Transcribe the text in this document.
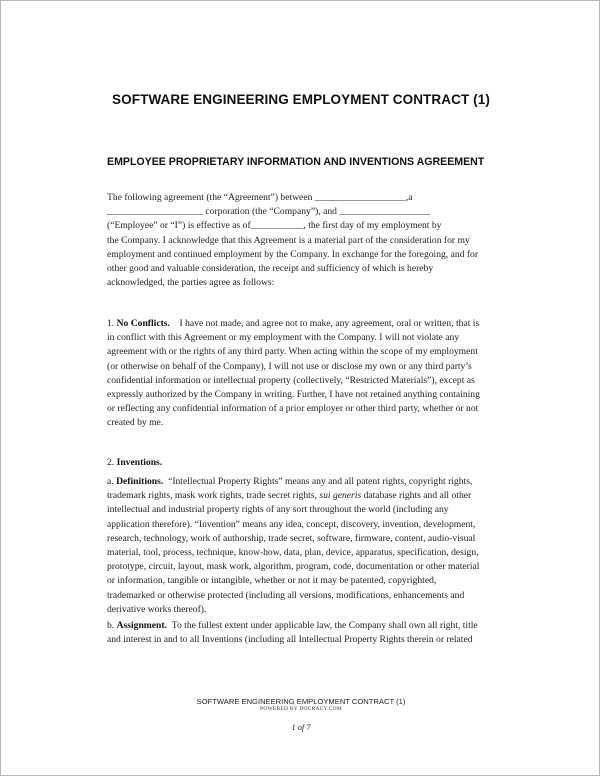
SOFTWARE ENGINEERING EMPLOYMENT CONTRACT (1)
EMPLOYEE PROPRIETARY INFORMATION AND INVENTIONS AGREEMENT
The following agreement (the “Agreement”) between ___________________,a
____________________ corporation (the “Company”), and ___________________
(“Employee” or “I”) is effective as of___________, the first day of my employment by
the Company. I acknowledge that this Agreement is a material part of the consideration for my
employment and continued employment by the Company. In exchange for the foregoing, and for
other good and valuable consideration, the receipt and sufficiency of which is hereby
acknowledged, the parties agree as follows:
1. No Conflicts. I have not made, and agree not to make, any agreement, oral or written, that is
in conflict with this Agreement or my employment with the Company. I will not violate any
agreement with or the rights of any third party. When acting within the scope of my employment
(or otherwise on behalf of the Company), I will not use or disclose my own or any third party’s
confidential information or intellectual property (collectively, “Restricted Materials”), except as
expressly authorized by the Company in writing. Further, I have not retained anything containing
or reflecting any confidential information of a prior employer or other third party, whether or not
created by me.
2. Inventions.
a. Definitions. “Intellectual Property Rights” means any and all patent rights, copyright rights,
trademark rights, mask work rights, trade secret rights, sui generis database rights and all other
intellectual and industrial property rights of any sort throughout the world (including any
application therefore). “Invention” means any idea, concept, discovery, invention, development,
research, technology, work of authorship, trade secret, software, firmware, content, audio-visual
material, tool, process, technique, know-how, data, plan, device, apparatus, specification, design,
prototype, circuit, layout, mask work, algorithm, program, code, documentation or other material
or information, tangible or intangible, whether or not it may be patented, copyrighted,
trademarked or otherwise protected (including all versions, modifications, enhancements and
derivative works thereof).
b. Assignment. To the fullest extent under applicable law, the Company shall own all right, title
and interest in and to all Inventions (including all Intellectual Property Rights therein or related
SOFTWARE ENGINEERING EMPLOYMENT CONTRACT (1)
POWERED BY DOCRACY.COM
1 of 7
